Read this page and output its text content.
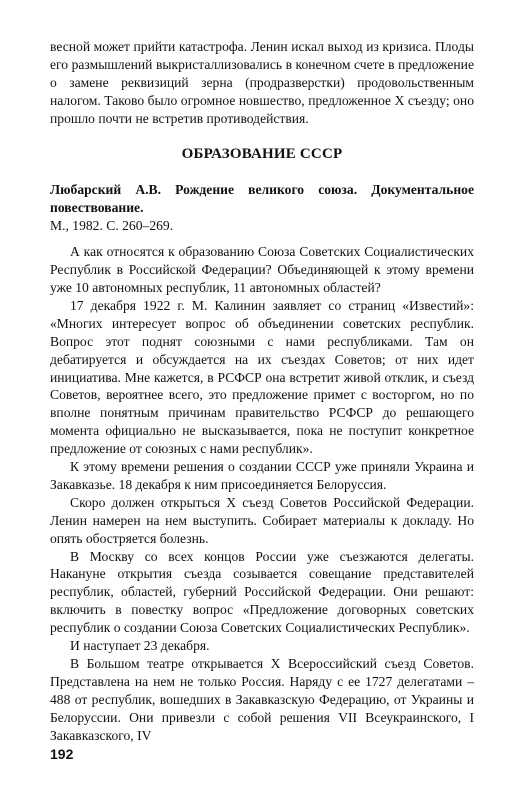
весной может прийти катастрофа. Ленин искал выход из кризиса. Плоды его размышлений выкристаллизовались в конечном счете в предложение о замене реквизиций зерна (продразверстки) продовольственным налогом. Таково было огромное новшество, предложенное X съезду; оно прошло почти не встретив противодействия.

ОБРАЗОВАНИЕ СССР

Любарский А.В. Рождение великого союза. Документальное повествование.

М., 1982. С. 260–269.

А как относятся к образованию Союза Советских Социалистических Республик в Российской Федерации? Объединяющей к этому времени уже 10 автономных республик, 11 автономных областей?

17 декабря 1922 г. М. Калинин заявляет со страниц «Известий»: «Многих интересует вопрос об объединении советских республик. Вопрос этот поднят союзными с нами республиками. Там он дебатируется и обсуждается на их съездах Советов; от них идет инициатива. Мне кажется, в РСФСР она встретит живой отклик, и съезд Советов, вероятнее всего, это предложение примет с восторгом, но по вполне понятным причинам правительство РСФСР до решающего момента официально не высказывается, пока не поступит конкретное предложение от союзных с нами республик».

К этому времени решения о создании СССР уже приняли Украина и Закавказье. 18 декабря к ним присоединяется Белоруссия.

Скоро должен открыться X съезд Советов Российской Федерации. Ленин намерен на нем выступить. Собирает материалы к докладу. Но опять обостряется болезнь.

В Москву со всех концов России уже съезжаются делегаты. Накануне открытия съезда созывается совещание представителей республик, областей, губерний Российской Федерации. Они решают: включить в повестку вопрос «Предложение договорных советских республик о создании Союза Советских Социалистических Республик».

И наступает 23 декабря.

В Большом театре открывается X Всероссийский съезд Советов. Представлена на нем не только Россия. Наряду с ее 1727 делегатами – 488 от республик, вошедших в Закавказскую Федерацию, от Украины и Белоруссии. Они привезли с собой решения VII Всеукраинского, I Закавказского, IV

192
